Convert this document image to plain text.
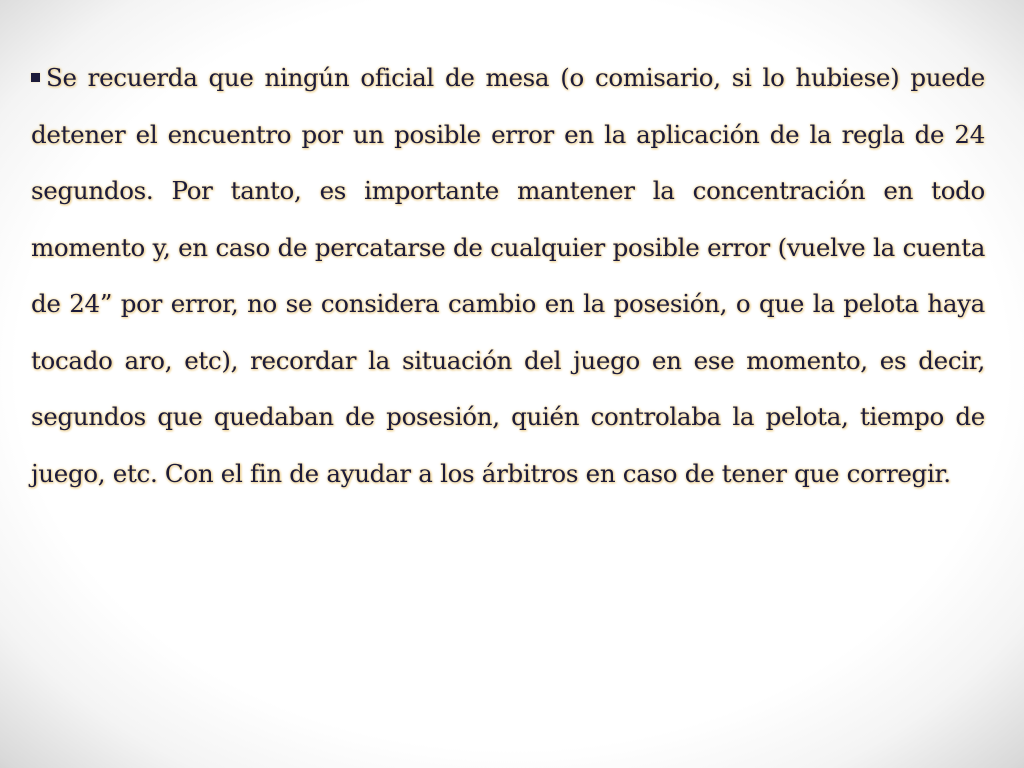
Se recuerda que ningún oficial de mesa (o comisario, si lo hubiese) puede detener el encuentro por un posible error en la aplicación de la regla de 24 segundos. Por tanto, es importante mantener la concentración en todo momento y, en caso de percatarse de cualquier posible error (vuelve la cuenta de 24” por error, no se considera cambio en la posesión, o que la pelota haya tocado aro, etc), recordar la situación del juego en ese momento, es decir, segundos que quedaban de posesión, quién controlaba la pelota, tiempo de juego, etc. Con el fin de ayudar a los árbitros en caso de tener que corregir.
